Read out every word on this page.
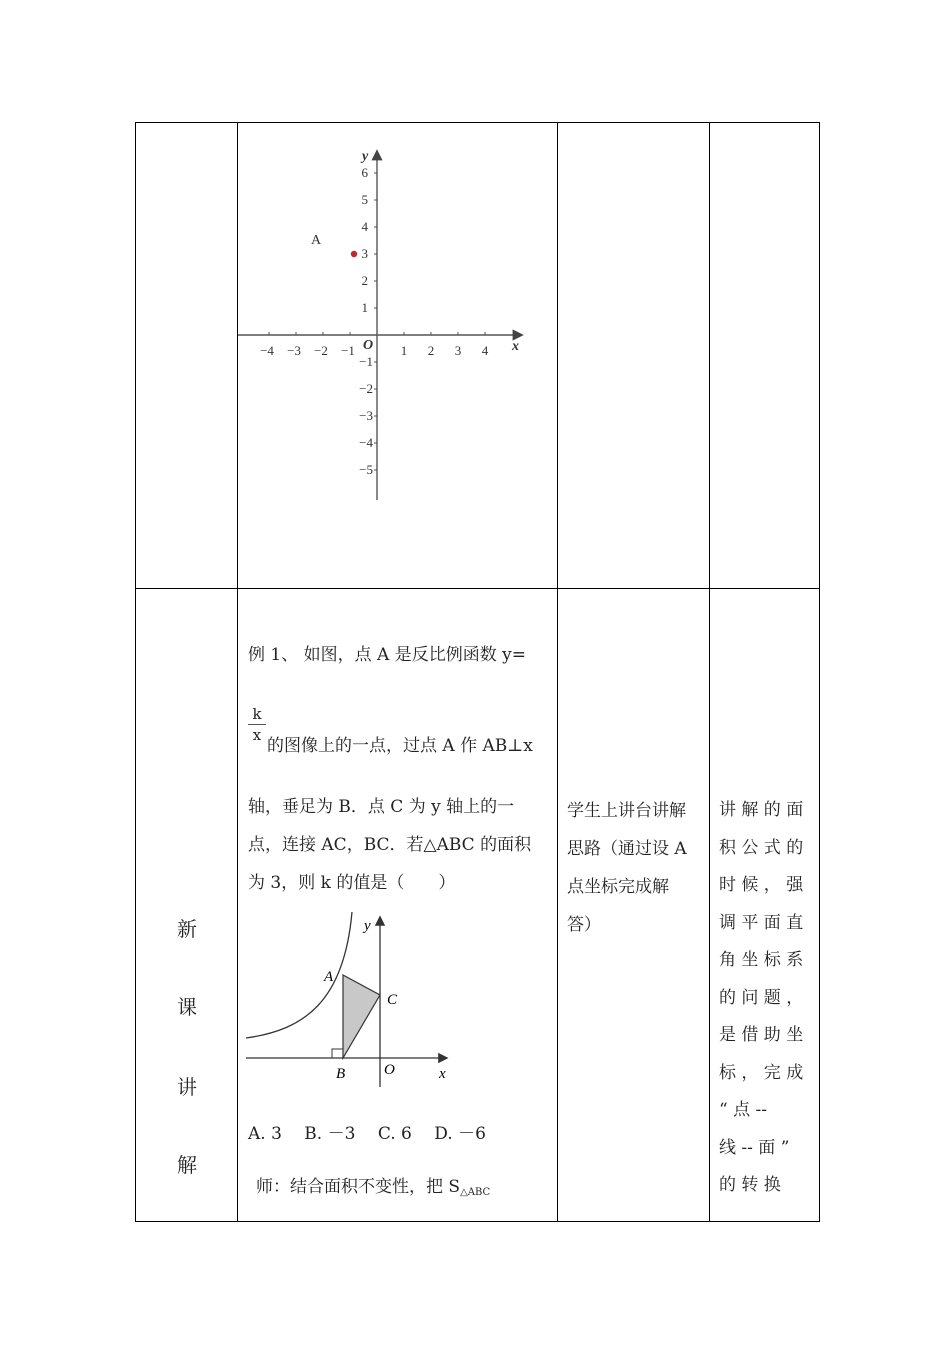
y
x
O
6
5
4
3
2
1
−1
−2
−3
−4
−5
−4 −3 −2 −1	1 2 3 4
A
新
课
讲
解
例 1、 如图，点 A 是反比例函数 y=
$\frac{k}{x}$
的图像上的一点，过点 A 作 AB⊥x
轴，垂足为 B．点 C 为 y 轴上的一
点，连接 AC，BC．若△ABC 的面积
为 3，则 k 的值是（　　）
y
x
A
B
C
O
A. 3　 B. －3　 C. 6　 D. －6
师：结合面积不变性，把 S△ABC
学生上讲台讲解
思路（通过设 A
点坐标完成解
答）
讲 解 的 面
积 公 式 的
时 候 ， 强
调 平 面 直
角 坐 标 系
的 问 题 ，
是 借 助 坐
标 ， 完 成
“ 点 --
线 -- 面 ”
的 转 换
